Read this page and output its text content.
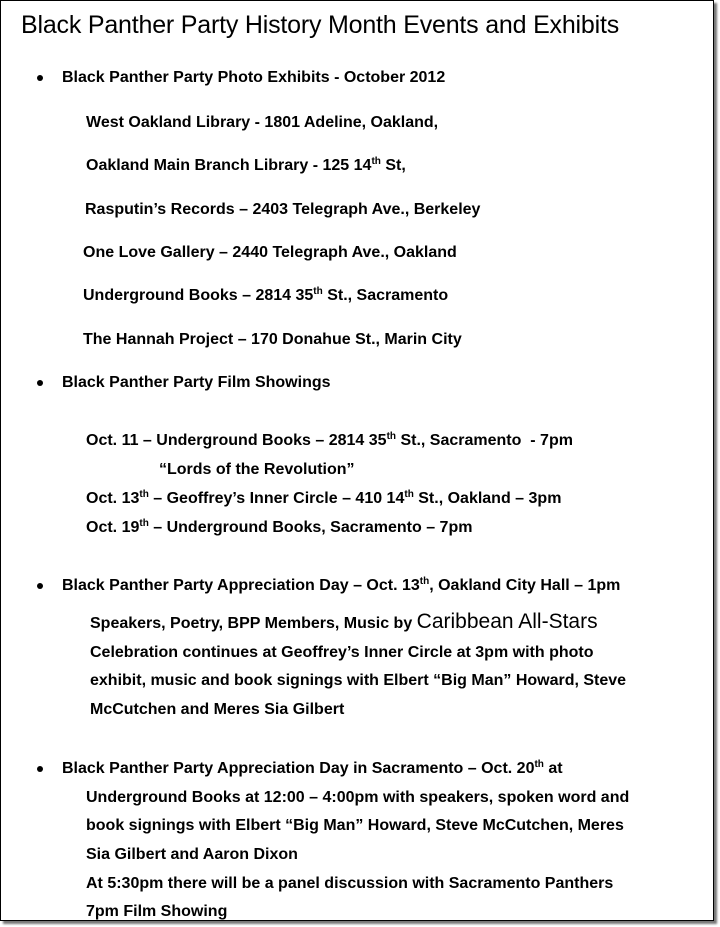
Black Panther Party History Month Events and Exhibits
Black Panther Party Photo Exhibits - October 2012
West Oakland Library - 1801 Adeline, Oakland,
Oakland Main Branch Library - 125 14th St,
Rasputin’s Records – 2403 Telegraph Ave., Berkeley
One Love Gallery – 2440 Telegraph Ave., Oakland
Underground Books – 2814 35th St., Sacramento
The Hannah Project – 170 Donahue St., Marin City
Black Panther Party Film Showings
Oct. 11 – Underground Books – 2814 35th St., Sacramento  - 7pm
“Lords of the Revolution”
Oct. 13th – Geoffrey’s Inner Circle – 410 14th St., Oakland – 3pm
Oct. 19th – Underground Books, Sacramento – 7pm
Black Panther Party Appreciation Day – Oct. 13th, Oakland City Hall – 1pm
Speakers, Poetry, BPP Members, Music by Caribbean All-Stars
Celebration continues at Geoffrey’s Inner Circle at 3pm with photo
exhibit, music and book signings with Elbert “Big Man” Howard, Steve
McCutchen and Meres Sia Gilbert
Black Panther Party Appreciation Day in Sacramento – Oct. 20th at
Underground Books at 12:00 – 4:00pm with speakers, spoken word and
book signings with Elbert “Big Man” Howard, Steve McCutchen, Meres
Sia Gilbert and Aaron Dixon
At 5:30pm there will be a panel discussion with Sacramento Panthers
7pm Film Showing
